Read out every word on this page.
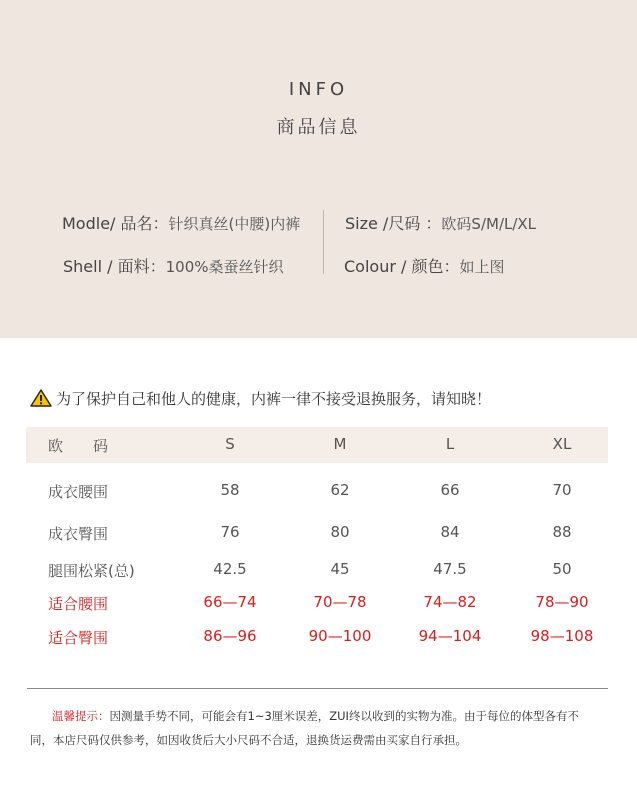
INFO
商品信息
Modle/ 品名：针织真丝(中腰)内裤
Shell / 面料：100%桑蚕丝针织
Size /尺码 ：欧码S/M/L/XL
Colour / 颜色：如上图
为了保护自己和他人的健康，内裤一律不接受退换服务，请知晓！
欧　　码	S	M	L	XL
成衣腰围	58	62	66	70
成衣臀围	76	80	84	88
腿围松紧(总)	42.5	45	47.5	50
适合腰围	66—74	70—78	74—82	78—90
适合臀围	86—96	90—100	94—104	98—108
温馨提示：因测量手势不同，可能会有1~3厘米误差，ZUI终以收到的实物为准。由于每位的体型各有不
同，本店尺码仅供参考，如因收货后大小尺码不合适，退换货运费需由买家自行承担。
